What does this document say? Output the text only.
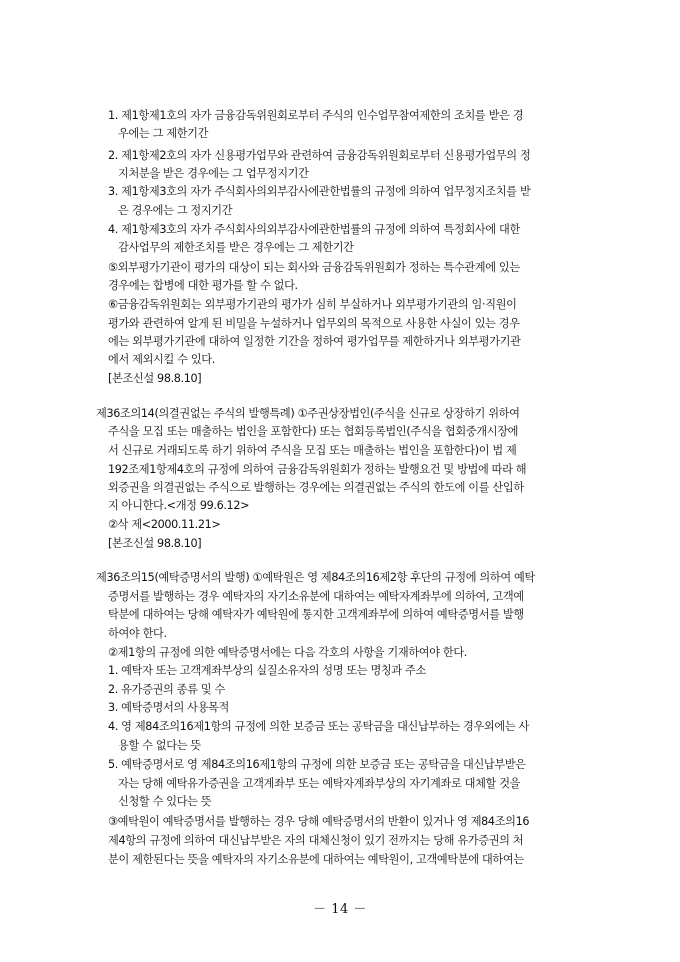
1. 제1항제1호의 자가 금융감독위원회로부터 주식의 인수업무참여제한의 조치를 받은 경
우에는 그 제한기간
2. 제1항제2호의 자가 신용평가업무와 관련하여 금융감독위원회로부터 신용평가업무의 정
지처분을 받은 경우에는 그 업무정지기간
3. 제1항제3호의 자가 주식회사의외부감사에관한법률의 규정에 의하여 업무정지조치를 받
은 경우에는 그 정지기간
4. 제1항제3호의 자가 주식회사의외부감사에관한법률의 규정에 의하여 특정회사에 대한
감사업무의 제한조치를 받은 경우에는 그 제한기간
⑤외부평가기관이 평가의 대상이 되는 회사와 금융감독위원회가 정하는 특수관계에 있는
경우에는 합병에 대한 평가를 할 수 없다.
⑥금융감독위원회는 외부평가기관의 평가가 심히 부실하거나 외부평가기관의 임·직원이
평가와 관련하여 알게 된 비밀을 누설하거나 업무외의 목적으로 사용한 사실이 있는 경우
에는 외부평가기관에 대하여 일정한 기간을 정하여 평가업무를 제한하거나 외부평가기관
에서 제외시킬 수 있다.
[본조신설 98.8.10]
제36조의14(의결권없는 주식의 발행특례) ①주권상장법인(주식을 신규로 상장하기 위하여
주식을 모집 또는 매출하는 법인을 포함한다) 또는 협회등록법인(주식을 협회중개시장에
서 신규로 거래되도록 하기 위하여 주식을 모집 또는 매출하는 법인을 포함한다)이 법 제
192조제1항제4호의 규정에 의하여 금융감독위원회가 정하는 발행요건 및 방법에 따라 해
외증권을 의결권없는 주식으로 발행하는 경우에는 의결권없는 주식의 한도에 이를 산입하
지 아니한다.<개정 99.6.12>
②삭 제<2000.11.21>
[본조신설 98.8.10]
제36조의15(예탁증명서의 발행) ①예탁원은 영 제84조의16제2항 후단의 규정에 의하여 예탁
증명서를 발행하는 경우 예탁자의 자기소유분에 대하여는 예탁자계좌부에 의하여, 고객예
탁분에 대하여는 당해 예탁자가 예탁원에 통지한 고객계좌부에 의하여 예탁증명서를 발행
하여야 한다.
②제1항의 규정에 의한 예탁증명서에는 다음 각호의 사항을 기재하여야 한다.
1. 예탁자 또는 고객계좌부상의 실질소유자의 성명 또는 명칭과 주소
2. 유가증권의 종류 및 수
3. 예탁증명서의 사용목적
4. 영 제84조의16제1항의 규정에 의한 보증금 또는 공탁금을 대신납부하는 경우외에는 사
용할 수 없다는 뜻
5. 예탁증명서로 영 제84조의16제1항의 규정에 의한 보증금 또는 공탁금을 대신납부받은
자는 당해 예탁유가증권을 고객계좌부 또는 예탁자계좌부상의 자기계좌로 대체할 것을
신청할 수 있다는 뜻
③예탁원이 예탁증명서를 발행하는 경우 당해 예탁증명서의 반환이 있거나 영 제84조의16
제4항의 규정에 의하여 대신납부받은 자의 대체신청이 있기 전까지는 당해 유가증권의 처
분이 제한된다는 뜻을 예탁자의 자기소유분에 대하여는 예탁원이, 고객예탁분에 대하여는
－ 14 －
